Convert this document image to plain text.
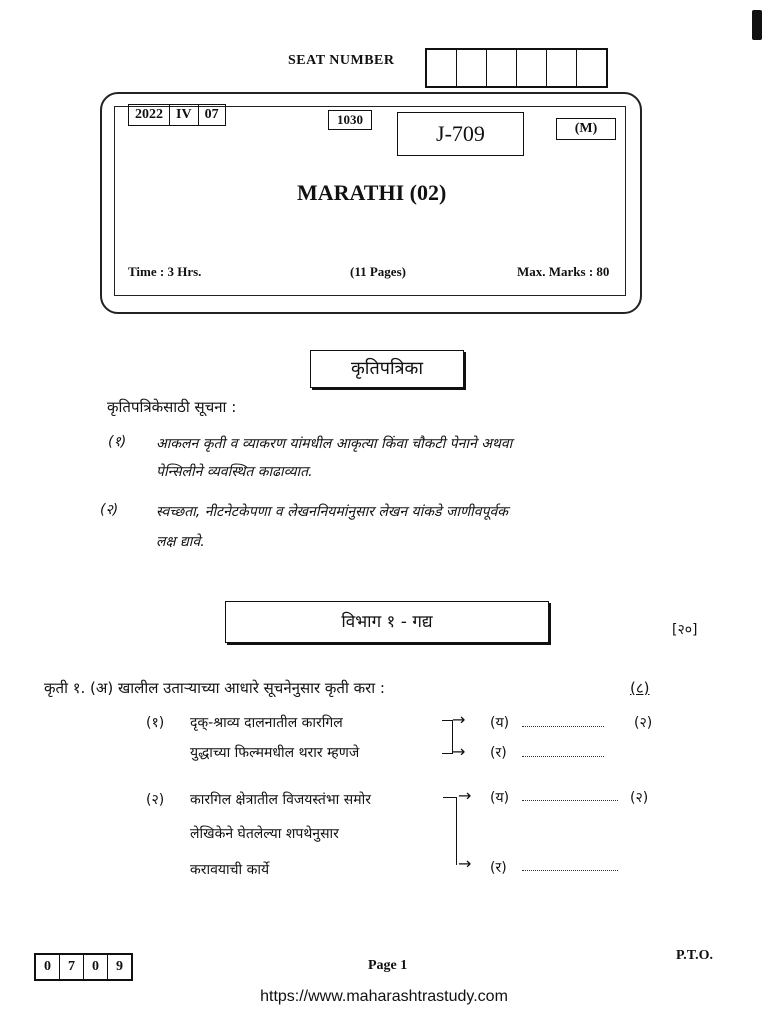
SEAT NUMBER
2022 IV 07	1030
J-709	(M)
MARATHI (02)
Time : 3 Hrs.	(11 Pages)	Max. Marks : 80
कृतिपत्रिका
कृतिपत्रिकेसाठी सूचना :
(१) आकलन कृती व व्याकरण यांमधील आकृत्या किंवा चौकटी पेनाने अथवा
पेन्सिलीने व्यवस्थित काढाव्यात.
(२)	स्वच्छता, नीटनेटकेपणा व लेखननियमांनुसार लेखन यांकडे जाणीवपूर्वक
लक्ष द्यावे.
विभाग १ - गद्य	[२०]
कृती १. (अ) खालील उताऱ्याच्या आधारे सूचनेनुसार कृती करा :	(८)
(१) दृक्‌-श्राव्य दालनातील कारगिल
युद्धाच्या फिल्ममधील थरार म्हणजे
→
→
(य)	(२)
(र)
(२) कारगिल क्षेत्रातील विजयस्तंभा समोर
लेखिकेने घेतलेल्या शपथेनुसार
करावयाची कार्ये
→
→
(य)	(२)
(र)
0	7	0	9	Page 1
P.T.O.
https://www.maharashtrastudy.com
